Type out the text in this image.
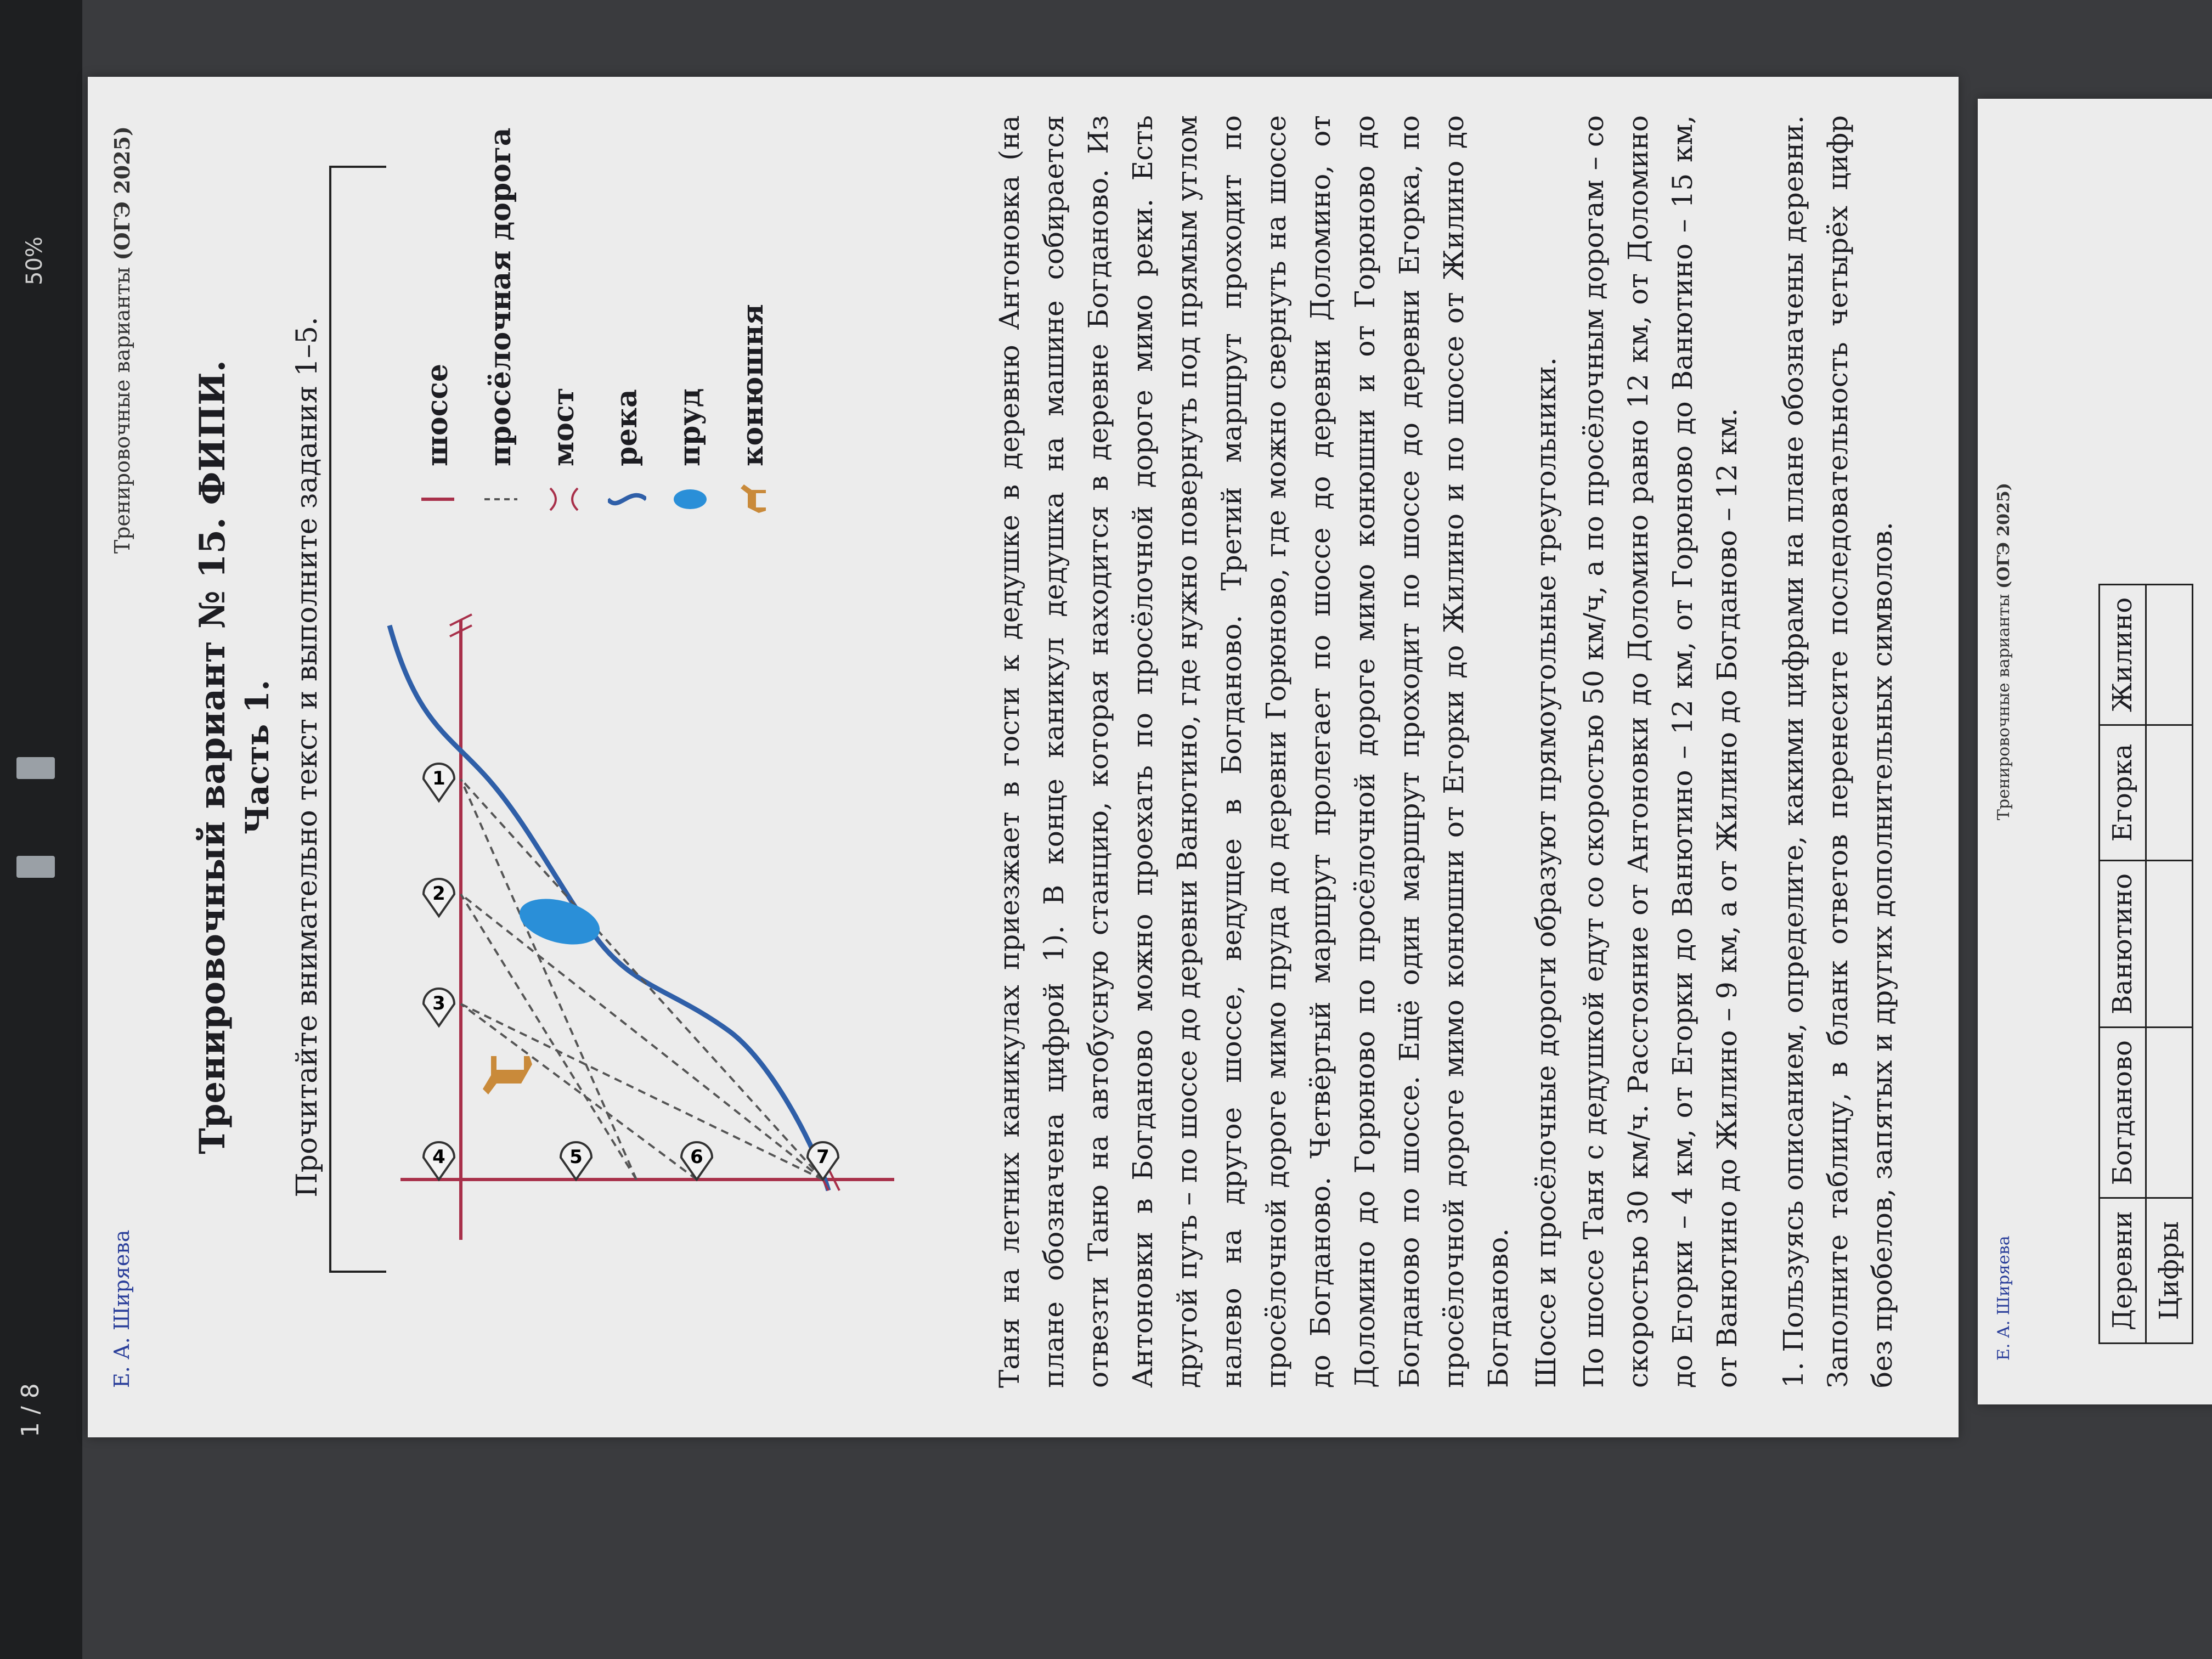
50%
1 / 8
Е. А. Ширяева
Тренировочные варианты (ОГЭ 2025)
Тренировочный вариант № 15. ФИПИ. Часть 1. Прочитайте внимательно текст и выполните задания 1–5.	1
2
3
4	5	6	7
шоссе просёлочная дорога мост река пруд конюшня	Таня на летних каникулах приезжает в гости к дедушке в деревню Антоновка (на плане обозначена цифрой 1). В конце каникул дедушка на машине собирается отвезти Таню на автобусную станцию, которая находится в деревне Богданово. Из Антоновки в Богданово можно проехать по просёлочной дороге мимо реки. Есть другой путь – по шоссе до деревни Ванютино, где нужно повернуть под прямым углом налево на другое шоссе, ведущее в Богданово. Третий маршрут проходит по просёлочной дороге мимо пруда до деревни Горюново, где можно свернуть на шоссе до Богданово. Четвёртый маршрут пролегает по шоссе до деревни Доломино, от Доломино до Горюново по просёлочной дороге мимо конюшни и от Горюново до Богданово по шоссе. Ещё один маршрут проходит по шоссе до деревни Егорка, по просёлочной дороге мимо конюшни от Егорки до Жилино и по шоссе от Жилино до Богданово. Шоссе и просёлочные дороги образуют прямоугольные треугольники. По шоссе Таня с дедушкой едут со скоростью 50 км/ч, а по просёлочным дорогам – со скоростью 30 км/ч. Расстояние от Антоновки до Доломино равно 12 км, от Доломино до Егорки – 4 км, от Егорки до Ванютино – 12 км, от Горюново до Ванютино – 15 км, от Ванютино до Жилино – 9 км, а от Жилино до Богданово – 12 км. 1. Пользуясь описанием, определите, какими цифрами на плане обозначены деревни. Заполните таблицу, в бланк ответов перенесите последовательность четырёх цифр без пробелов, запятых и других дополнительных символов.	Е. А. Ширяева
Тренировочные варианты (ОГЭ 2025)
Деревни	Богданово	Ванютино	Егорка	Жилино
Цифры				
